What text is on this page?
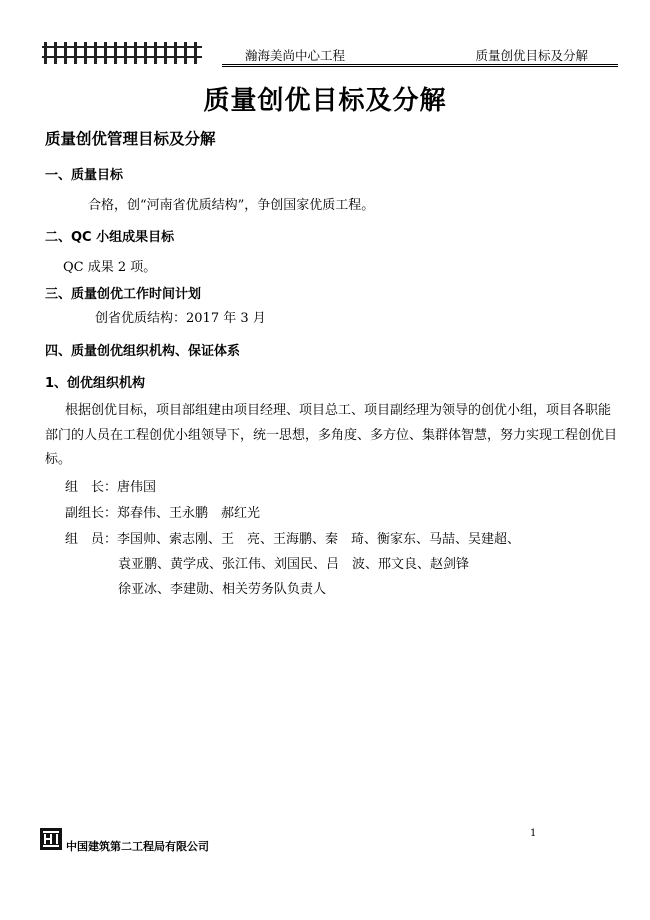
瀚海美尚中心工程	质量创优目标及分解
质量创优目标及分解
质量创优管理目标及分解
一、质量目标
合格，创“河南省优质结构”，争创国家优质工程。
二、QC 小组成果目标
QC 成果 2 项。
三、质量创优工作时间计划
创省优质结构：2017 年 3 月
四、质量创优组织机构、保证体系
1、创优组织机构
根据创优目标，项目部组建由项目经理、项目总工、项目副经理为领导的创优小组，项目各职能部门的人员在工程创优小组领导下，统一思想，多角度、多方位、集群体智慧，努力实现工程创优目标。
组　长：唐伟国
副组长：郑春伟、王永鹏　郝红光
组　员：李国帅、索志刚、王　亮、王海鹏、秦　琦、衡家东、马喆、吴建超、
袁亚鹏、黄学成、张江伟、刘国民、吕　波、邢文良、赵剑锋
徐亚冰、李建勋、相关劳务队负责人
1
中国建筑第二工程局有限公司
